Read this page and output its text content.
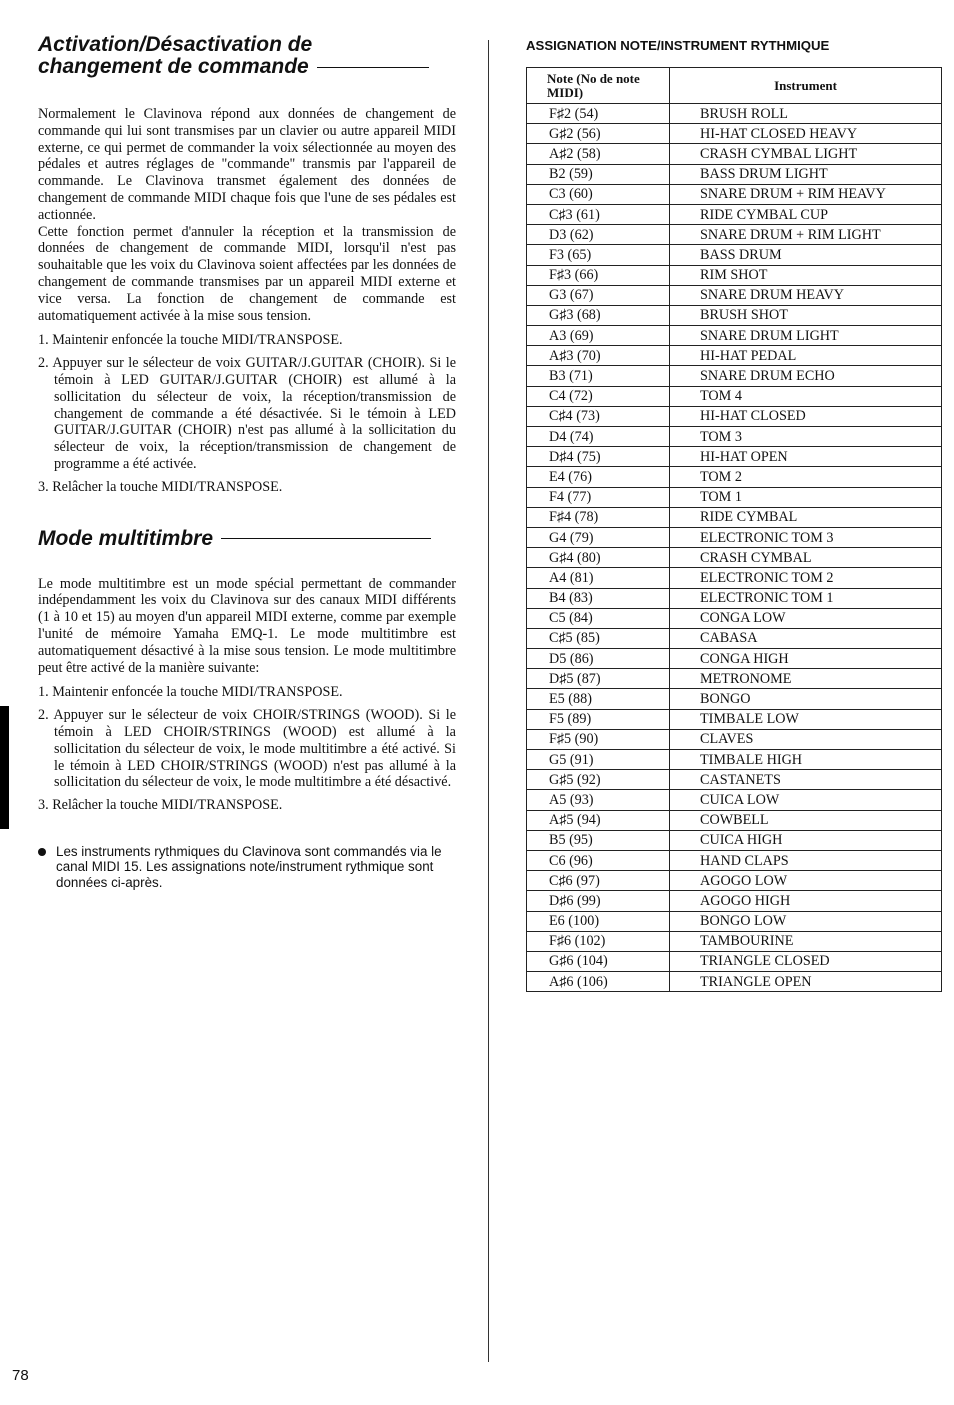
Activation/Désactivation de
changement de commande

Normalement le Clavinova répond aux données de changement de commande qui lui sont transmises par un clavier ou autre appareil MIDI externe, ce qui permet de commander la voix sélectionnée au moyen des pédales et autres réglages de "commande" transmis par l'appareil de commande. Le Clavinova transmet également des données de changement de commande MIDI chaque fois que l'une de ses pédales est actionnée.

Cette fonction permet d'annuler la réception et la transmission de données de changement de commande MIDI, lorsqu'il n'est pas souhaitable que les voix du Clavinova soient affectées par les données de changement de commande transmises par un appareil MIDI externe et vice versa. La fonction de changement de commande est automatiquement activée à la mise sous tension.

1. Maintenir enfoncée la touche MIDI/TRANSPOSE.
2. Appuyer sur le sélecteur de voix GUITAR/J.GUITAR (CHOIR). Si le témoin à LED GUITAR/J.GUITAR (CHOIR) est allumé à la sollicitation du sélecteur de voix, la réception/transmission de changement de commande a été désactivée. Si le témoin à LED GUITAR/J.GUITAR (CHOIR) n'est pas allumé à la sollicitation du sélecteur de voix, la réception/transmission de changement de programme a été activée.
3. Relâcher la touche MIDI/TRANSPOSE.
Mode multitimbre

Le mode multitimbre est un mode spécial permettant de commander indépendamment les voix du Clavinova sur des canaux MIDI différents (1 à 10 et 15) au moyen d'un appareil MIDI externe, comme par exemple l'unité de mémoire Yamaha EMQ-1. Le mode multitimbre est automatiquement désactivé à la mise sous tension. Le mode multitimbre peut être activé de la manière suivante:

1. Maintenir enfoncée la touche MIDI/TRANSPOSE.
2. Appuyer sur le sélecteur de voix CHOIR/STRINGS (WOOD). Si le témoin à LED CHOIR/STRINGS (WOOD) est allumé à la sollicitation du sélecteur de voix, le mode multitimbre a été activé. Si le témoin à LED CHOIR/STRINGS (WOOD) n'est pas allumé à la sollicitation du sélecteur de voix, le mode multitimbre a été désactivé.
3. Relâcher la touche MIDI/TRANSPOSE.

Les instruments rythmiques du Clavinova sont commandés via le canal MIDI 15. Les assignations note/instrument rythmique sont données ci-après.

ASSIGNATION NOTE/INSTRUMENT RYTHMIQUE

Note (No de note MIDI)	Instrument
F♯2 (54)	BRUSH ROLL
G♯2 (56)	HI-HAT CLOSED HEAVY
A♯2 (58)	CRASH CYMBAL LIGHT
B2 (59)	BASS DRUM LIGHT
C3 (60)	SNARE DRUM + RIM HEAVY
C♯3 (61)	RIDE CYMBAL CUP
D3 (62)	SNARE DRUM + RIM LIGHT
F3 (65)	BASS DRUM
F♯3 (66)	RIM SHOT
G3 (67)	SNARE DRUM HEAVY
G♯3 (68)	BRUSH SHOT
A3 (69)	SNARE DRUM LIGHT
A♯3 (70)	HI-HAT PEDAL
B3 (71)	SNARE DRUM ECHO
C4 (72)	TOM 4
C♯4 (73)	HI-HAT CLOSED
D4 (74)	TOM 3
D♯4 (75)	HI-HAT OPEN
E4 (76)	TOM 2
F4 (77)	TOM 1
F♯4 (78)	RIDE CYMBAL
G4 (79)	ELECTRONIC TOM 3
G♯4 (80)	CRASH CYMBAL
A4 (81)	ELECTRONIC TOM 2
B4 (83)	ELECTRONIC TOM 1
C5 (84)	CONGA LOW
C♯5 (85)	CABASA
D5 (86)	CONGA HIGH
D♯5 (87)	METRONOME
E5 (88)	BONGO
F5 (89)	TIMBALE LOW
F♯5 (90)	CLAVES
G5 (91)	TIMBALE HIGH
G♯5 (92)	CASTANETS
A5 (93)	CUICA LOW
A♯5 (94)	COWBELL
B5 (95)	CUICA HIGH
C6 (96)	HAND CLAPS
C♯6 (97)	AGOGO LOW
D♯6 (99)	AGOGO HIGH
E6 (100)	BONGO LOW
F♯6 (102)	TAMBOURINE
G♯6 (104)	TRIANGLE CLOSED
A♯6 (106)	TRIANGLE OPEN
78
